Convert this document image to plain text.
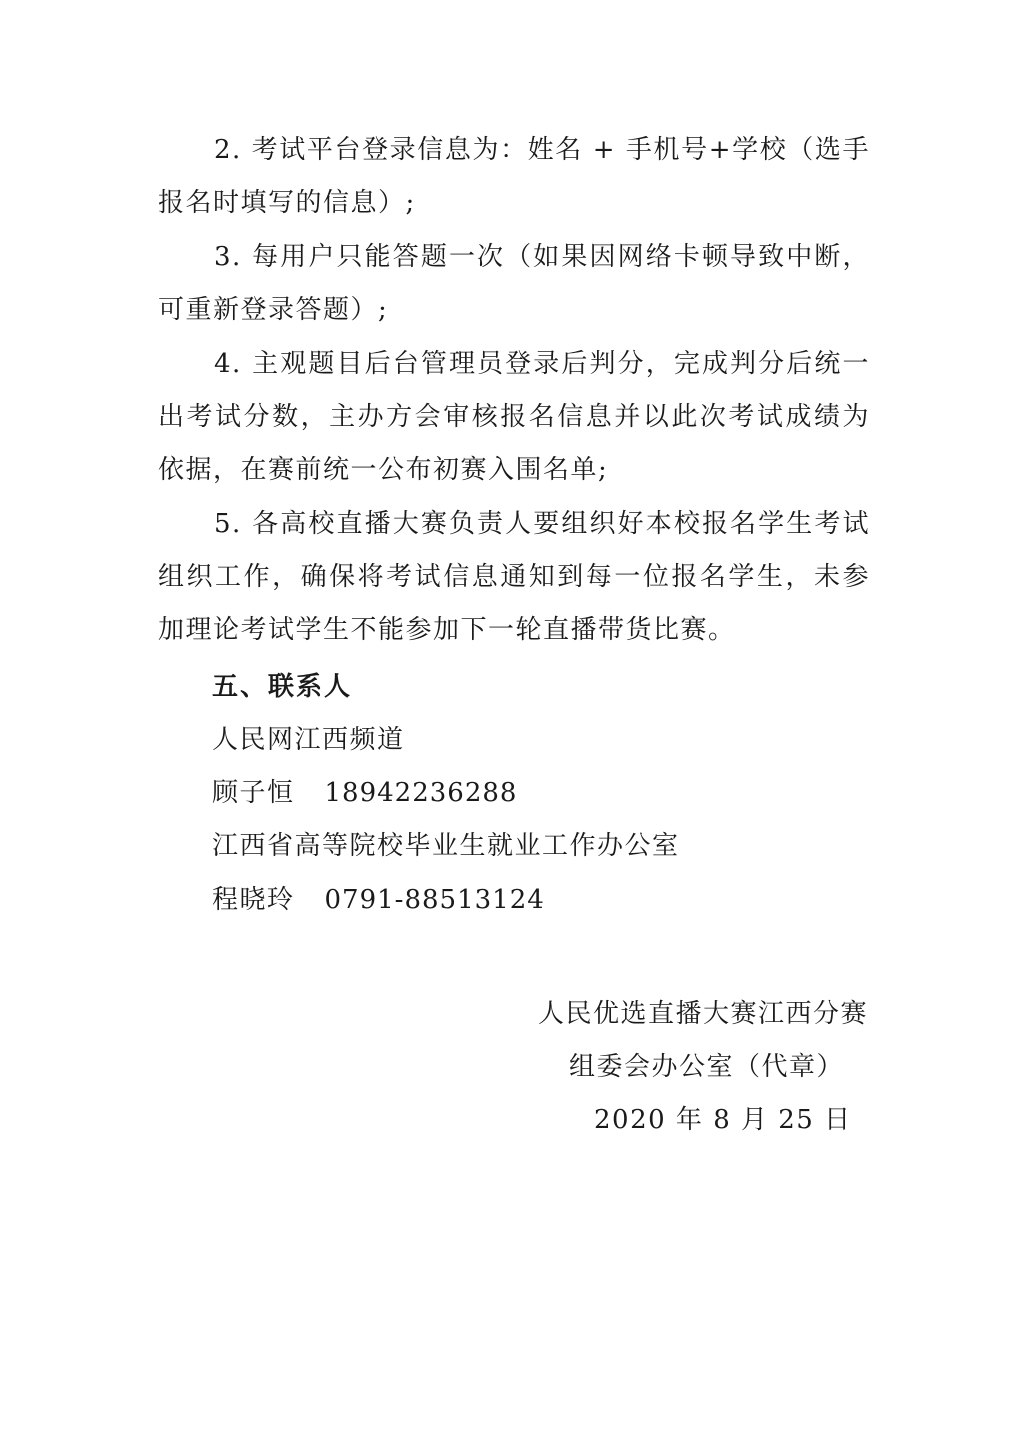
2. 考试平台登录信息为：姓名 + 手机号+学校（选手报名时填写的信息）;

3. 每用户只能答题一次（如果因网络卡顿导致中断，可重新登录答题）;

4. 主观题目后台管理员登录后判分，完成判分后统一出考试分数，主办方会审核报名信息并以此次考试成绩为依据，在赛前统一公布初赛入围名单;

5. 各高校直播大赛负责人要组织好本校报名学生考试组织工作，确保将考试信息通知到每一位报名学生，未参加理论考试学生不能参加下一轮直播带货比赛。

五、联系人

人民网江西频道

顾子恒 18942236288

江西省高等院校毕业生就业工作办公室

程晓玲 0791-88513124

人民优选直播大赛江西分赛

组委会办公室（代章）

2020 年 8 月 25 日
